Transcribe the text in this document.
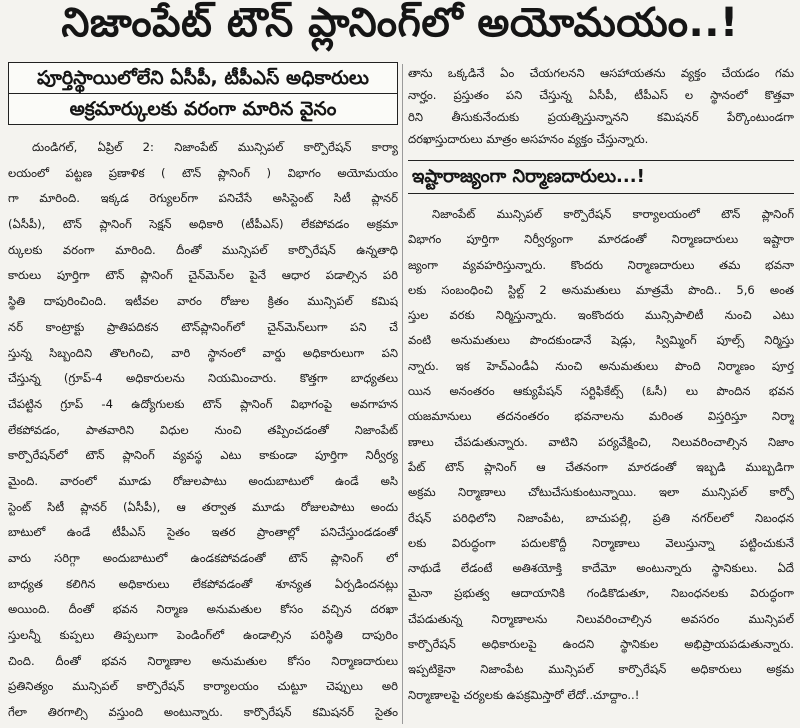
నిజాంపేట్ టౌన్ ప్లానింగ్‌లో అయోమయం..!
పూర్తిస్థాయిలోలేని ఏసీపీ, టీపీఎస్ అధికారులు
అక్రమార్కులకు వరంగా మారిన వైనం
దుండిగల్, ఏప్రిల్ 2: నిజాంపేట్ మున్సిపల్ కార్పొరేషన్ కార్యా
లయంలో పట్టణ ప్రణాళిక ( టౌన్ ప్లానింగ్ ) విభాగం అయోమయం
గా మారింది. ఇక్కడ రెగ్యులర్‌గా పనిచేసే అసిస్టెంట్ సిటీ ప్లానర్
(ఏసీపీ), టౌన్ ప్లానింగ్ సెక్షన్ అధికారి (టీపీఎస్) లేకపోవడం అక్రమా
ర్కులకు వరంగా మారింది. దీంతో మున్సిపల్ కార్పొరేషన్ ఉన్నతాధి
కారులు పూర్తిగా టౌన్ ప్లానింగ్ చైన్‌మెన్‌ల పైనే ఆధార పడాల్సిన పరి
స్థితి దాపురించింది. ఇటీవల వారం రోజుల క్రితం మున్సిపల్ కమిష
నర్ కాంట్రాక్టు ప్రాతిపదికన టౌన్‌ప్లానింగ్‌లో చైన్‌మెన్‌లుగా పని చే
స్తున్న సిబ్బందిని తొలగించి, వారి స్థానంలో వార్డు అధికారులుగా పని
చేస్తున్న (గ్రూప్-4 అధికారులను నియమించారు. కొత్తగా బాధ్యతలు
చేపట్టిన గ్రూప్ -4 ఉద్యోగులకు టౌన్ ప్లానింగ్ విభాగంపై అవగాహన
లేకపోవడం, పాతవారిని విధుల నుంచి తప్పించడంతో నిజాంపేట్
కార్పొరేషన్‌లో టౌన్ ప్లానింగ్ వ్యవస్థ ఎటు కాకుండా పూర్తిగా నిర్వీర్య
మైంది. వారంలో మూడు రోజులపాటు అందుబాటులో ఉండే అసి
స్టెంట్ సిటీ ప్లానర్ (ఏసీపీ), ఆ తర్వాత మూడు రోజులపాటు అందు
బాటులో ఉండే టీపీఎస్ సైతం ఇతర ప్రాంతాల్లో పనిచేస్తుండడంతో
వారు సరిగ్గా అందుబాటులో ఉండకపోవడంతో టౌన్ ప్లానింగ్ లో
బాధ్యత కలిగిన అధికారులు లేకపోవడంతో శూన్యత ఏర్పడిందనట్లు
అయింది. దీంతో భవన నిర్మాణ అనుమతుల కోసం వచ్చిన దరఖా
స్తులన్నీ కుప్పలు తిప్పలుగా పెండింగ్‌లో ఉండాల్సిన పరిస్థితి దాపురిం
చింది. దీంతో భవన నిర్మాణాల అనుమతుల కోసం నిర్మాణదారులు
ప్రతినిత్యం మున్సిపల్ కార్పొరేషన్ కార్యాలయం చుట్టూ చెప్పులు అరి
గేలా తిరగాల్సి వస్తుంది అంటున్నారు. కార్పొరేషన్ కమిషనర్ సైతం
తాను ఒక్కడినే ఏం చేయగలనని ఆసహాయతను వ్యక్తం చేయడం గమ
నార్హం. ప్రస్తుతం పని చేస్తున్న ఏసీపీ, టీపీఎస్ ల స్థానంలో కొత్తవా
రిని తీసుకునేందుకు ప్రయత్నిస్తున్నానని కమిషనర్ పేర్కొంటుండగా
దరఖాస్తుదారులు మాత్రం అసహనం వ్యక్తం చేస్తున్నారు.
ఇష్టారాజ్యంగా నిర్మాణదారులు...!
నిజాంపేట్ మున్సిపల్ కార్పొరేషన్ కార్యాలయంలో టౌన్ ప్లానింగ్
విభాగం పూర్తిగా నిర్వీర్యంగా మారడంతో నిర్మాణదారులు ఇష్టారా
జ్యంగా వ్యవహరిస్తున్నారు. కొందరు నిర్మాణదారులు తమ భవనా
లకు సంబంధించి స్టిల్ట్ 2 అనుమతులు మాత్రమే పొంది.. 5,6 అంత
స్తుల వరకు నిర్మిస్తున్నారు. ఇంకొందరు మున్సిపాలిటీ నుంచి ఎటు
వంటి అనుమతులు పొందకుండానే షెడ్లు, స్విమ్మింగ్ పూల్స్ నిర్మిస్తు
న్నారు. ఇక హెచ్ఎండీఏ నుంచి అనుమతులు పొంది నిర్మాణం పూర్త
యిన అనంతరం ఆక్యుపేషన్ సర్టిఫికేట్స్ (ఓసీ) లు పొందిన భవన
యజమానులు తదనంతరం భవనాలను మరింత విస్తరిస్తూ నిర్మా
ణాలు చేపడుతున్నారు. వాటిని పర్యవేక్షించి, నిలువరించాల్సిన నిజాం
పేట్ టౌన్ ప్లానింగ్ ఆ చేతనంగా మారడంతో ఇబ్బడి ముబ్బడిగా
అక్రమ నిర్మాణాలు చోటుచేసుకుంటున్నాయి. ఇలా మున్సిపల్ కార్పో
రేషన్ పరిధిలోని నిజాంపేట, బాచుపల్లి, ప్రతి నగర్‌లలో నిబంధన
లకు విరుద్ధంగా పదులకొద్దీ నిర్మాణాలు వెలుస్తున్నా పట్టించుకునే
నాథుడే లేడంటే అతిశయోక్తి కాదేమో అంటున్నారు స్థానికులు. ఏదే
మైనా ప్రభుత్వ ఆదాయానికి గండికొడుతూ, నిబంధనలకు విరుద్ధంగా
చేపడుతున్న నిర్మాణాలను నిలువరించాల్సిన అవసరం మున్సిపల్
కార్పొరేషన్ అధికారులపై ఉందని స్థానికుల అభిప్రాయపడుతున్నారు.
ఇప్పటికైనా నిజాంపేట మున్సిపల్ కార్పొరేషన్ అధికారులు అక్రమ
నిర్మాణాలపై చర్యలకు ఉపక్రమిస్తారో లేదో..చూద్దాం..!
